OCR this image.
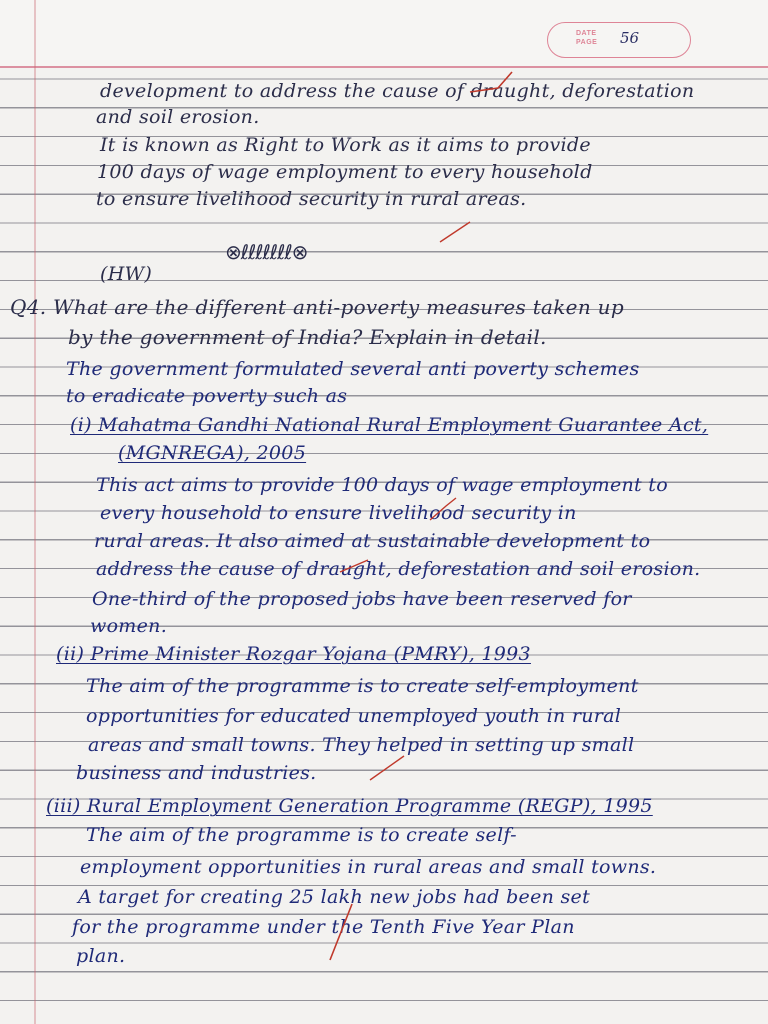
DATE
PAGE 56
development to address the cause of draught, deforestation
and soil erosion.
It is known as Right to Work as it aims to provide
100 days of wage employment to every household
to ensure livelihood security in rural areas.
⊗ℓℓℓℓℓℓℓ⊗
(HW)
Q4. What are the different anti-poverty measures taken up
by the government of India? Explain in detail.
The government formulated several anti poverty schemes
to eradicate poverty such as
(i) Mahatma Gandhi National Rural Employment Guarantee Act,
(MGNREGA), 2005
This act aims to provide 100 days of wage employment to
every household to ensure livelihood security in
rural areas. It also aimed at sustainable development to
address the cause of draught, deforestation and soil erosion.
One-third of the proposed jobs have been reserved for
women.
(ii) Prime Minister Rozgar Yojana (PMRY), 1993
The aim of the programme is to create self-employment
opportunities for educated unemployed youth in rural
areas and small towns. They helped in setting up small
business and industries.
(iii) Rural Employment Generation Programme (REGP), 1995
The aim of the programme is to create self-
employment opportunities in rural areas and small towns.
A target for creating 25 lakh new jobs had been set
for the programme under the Tenth Five Year Plan
plan.
